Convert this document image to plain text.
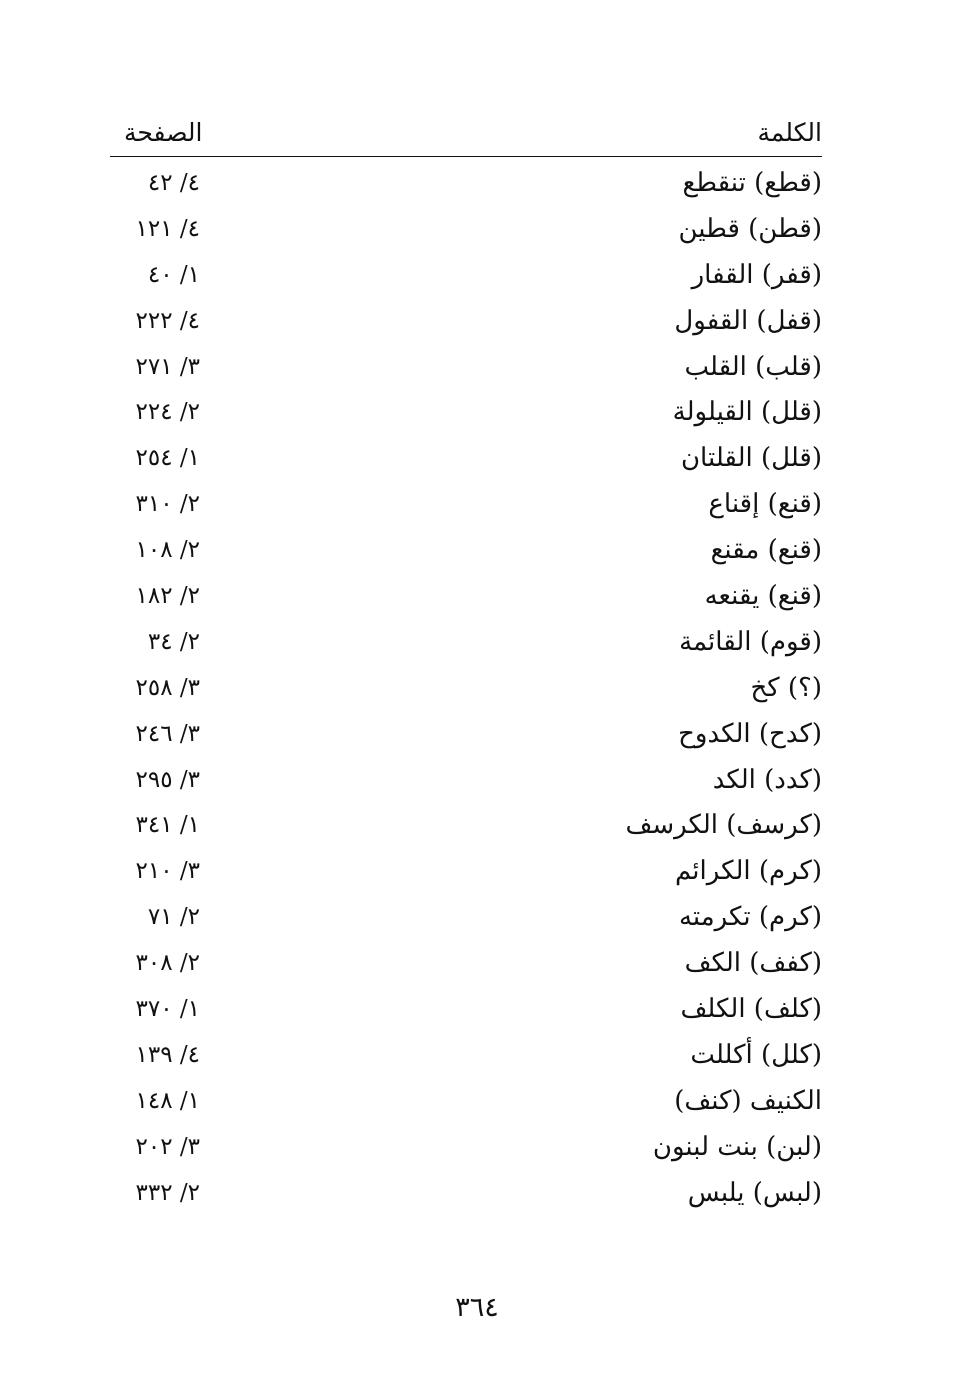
الكلمة
الصفحة
(قطع) تنقطع
٤/ ٤٢
(قطن) قطين
٤/ ١٢١
(قفر) القفار
١/ ٤٠
(قفل) القفول
٤/ ٢٢٢
(قلب) القلب
٣/ ٢٧١
(قلل) القيلولة
٢/ ٢٢٤
(قلل) القلتان
١/ ٢٥٤
(قنع) إقناع
٢/ ٣١٠
(قنع) مقنع
٢/ ١٠٨
(قنع) يقنعه
٢/ ١٨٢
(قوم) القائمة
٢/ ٣٤
(؟) كخ
٣/ ٢٥٨
(كدح) الكدوح
٣/ ٢٤٦
(كدد) الكد
٣/ ٢٩٥
(كرسف) الكرسف
١/ ٣٤١
(كرم) الكرائم
٣/ ٢١٠
(كرم) تكرمته
٢/ ٧١
(كفف) الكف
٢/ ٣٠٨
(كلف) الكلف
١/ ٣٧٠
(كلل) أكللت
٤/ ١٣٩
الكنيف (كنف)
١/ ١٤٨
(لبن) بنت لبنون
٣/ ٢٠٢
(لبس) يلبس
٢/ ٣٣٢
٣٦٤
